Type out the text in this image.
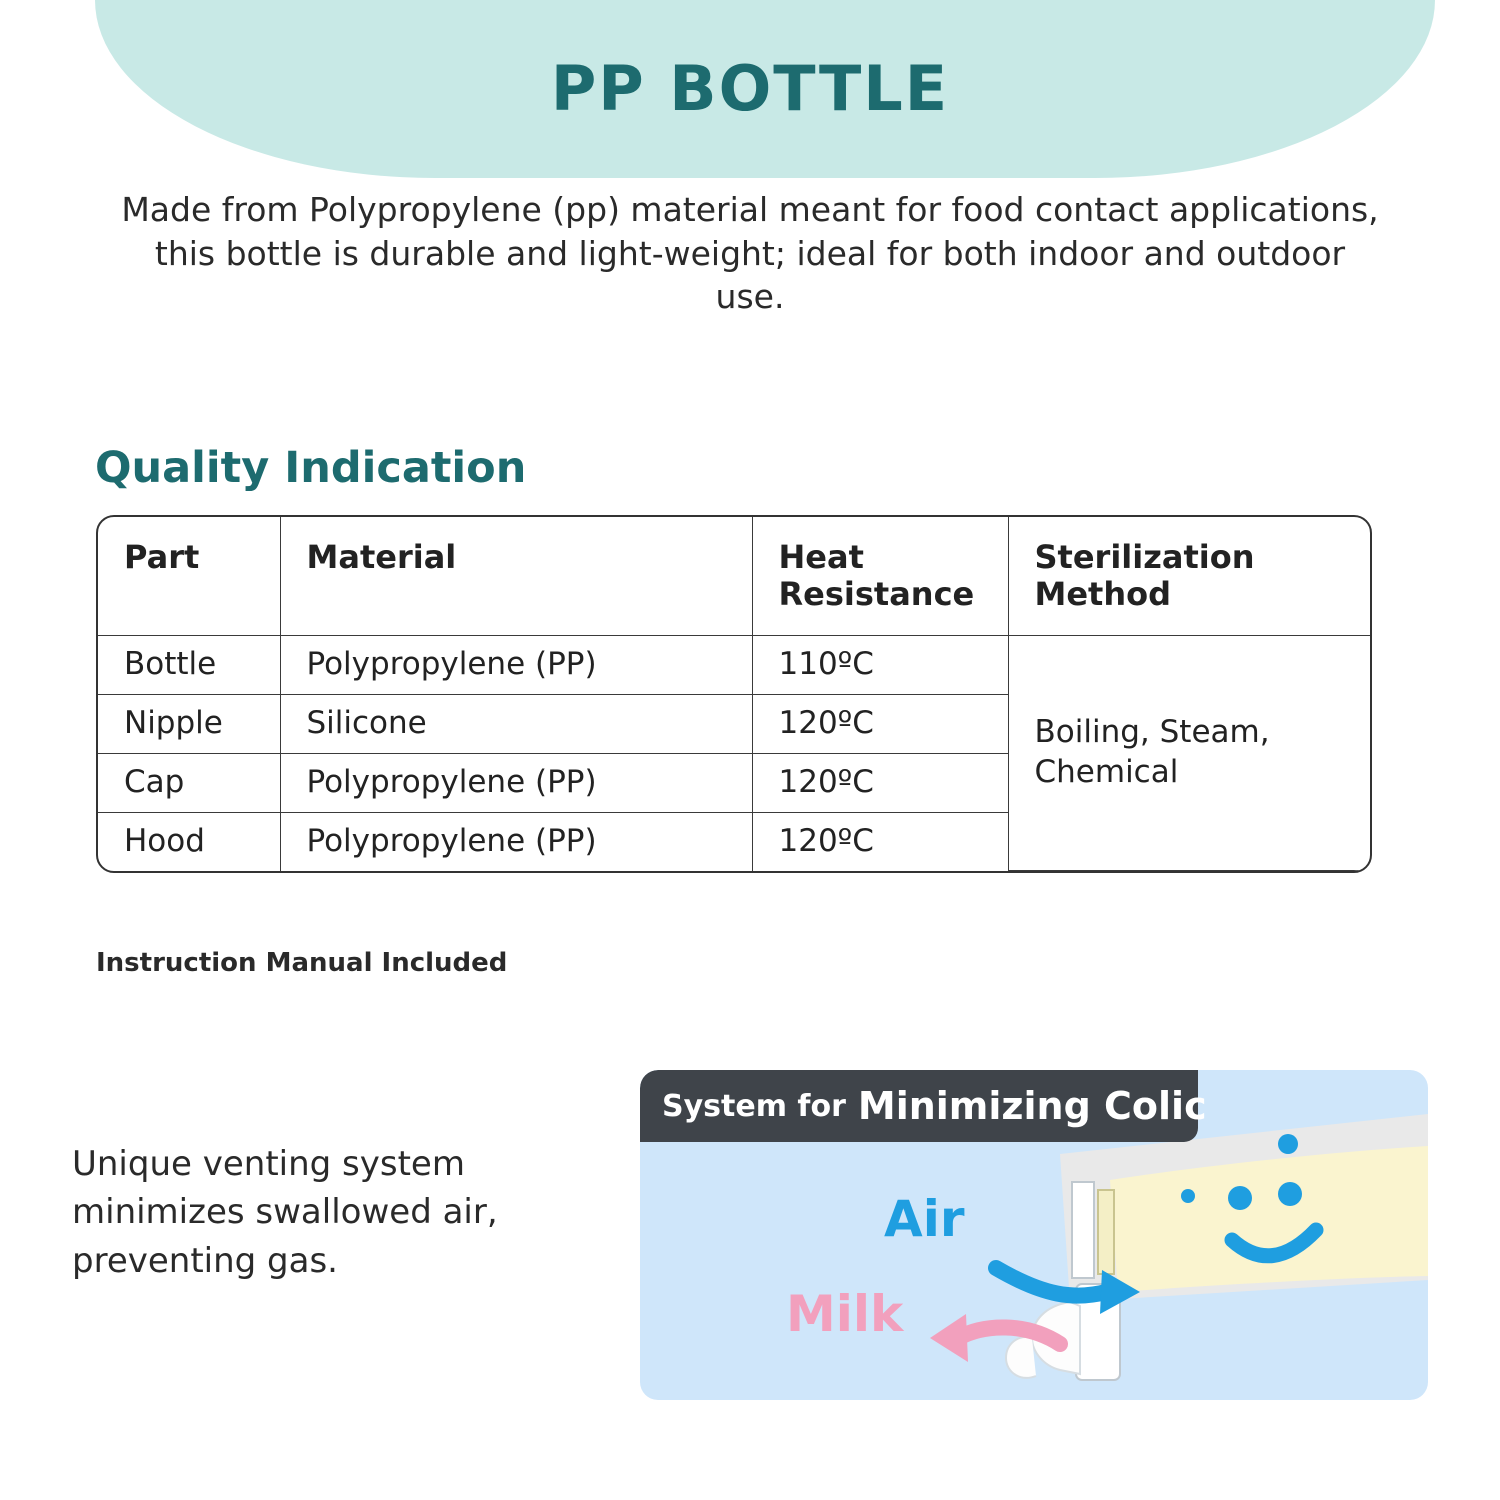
PP BOTTLE
Made from Polypropylene (pp) material meant for food contact applications, this bottle is durable and light-weight; ideal for both indoor and outdoor use.
Quality Indication
Part	Material	Heat Resistance	Sterilization Method
Bottle	Polypropylene (PP)	110ºC	Boiling, Steam, Chemical
Nipple	Silicone	120ºC	
Cap	Polypropylene (PP)	120ºC	
Hood	Polypropylene (PP)	120ºC	
Instruction Manual Included
Unique venting system minimizes swallowed air, preventing gas.
System for Minimizing Colic
Air
Milk
